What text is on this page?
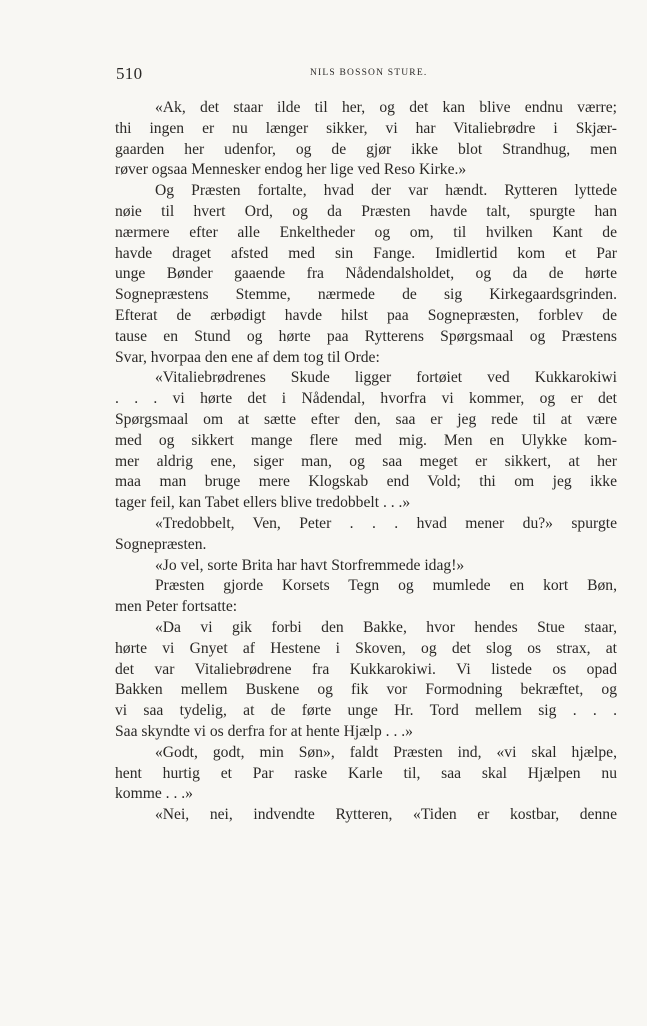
510	NILS BOSSON STURE.
«Ak, det staar ilde til her, og det kan blive endnu værre;
thi ingen er nu længer sikker, vi har Vitaliebrødre i Skjær-
gaarden her udenfor, og de gjør ikke blot Strandhug, men
røver ogsaa Mennesker endog her lige ved Reso Kirke.»
Og Præsten fortalte, hvad der var hændt. Rytteren lyttede
nøie til hvert Ord, og da Præsten havde talt, spurgte han
nærmere efter alle Enkeltheder og om, til hvilken Kant de
havde draget afsted med sin Fange. Imidlertid kom et Par
unge Bønder gaaende fra Nådendalsholdet, og da de hørte
Sognepræstens Stemme, nærmede de sig Kirkegaardsgrinden.
Efterat de ærbødigt havde hilst paa Sognepræsten, forblev de
tause en Stund og hørte paa Rytterens Spørgsmaal og Præstens
Svar, hvorpaa den ene af dem tog til Orde:
«Vitaliebrødrenes Skude ligger fortøiet ved Kukkarokiwi
. . . vi hørte det i Nådendal, hvorfra vi kommer, og er det
Spørgsmaal om at sætte efter den, saa er jeg rede til at være
med og sikkert mange flere med mig. Men en Ulykke kom-
mer aldrig ene, siger man, og saa meget er sikkert, at her
maa man bruge mere Klogskab end Vold; thi om jeg ikke
tager feil, kan Tabet ellers blive tredobbelt . . .»
«Tredobbelt, Ven, Peter . . . hvad mener du?» spurgte
Sognepræsten.
«Jo vel, sorte Brita har havt Storfremmede idag!»
Præsten gjorde Korsets Tegn og mumlede en kort Bøn,
men Peter fortsatte:
«Da vi gik forbi den Bakke, hvor hendes Stue staar,
hørte vi Gnyet af Hestene i Skoven, og det slog os strax, at
det var Vitaliebrødrene fra Kukkarokiwi. Vi listede os opad
Bakken mellem Buskene og fik vor Formodning bekræftet, og
vi saa tydelig, at de førte unge Hr. Tord mellem sig . . .
Saa skyndte vi os derfra for at hente Hjælp . . .»
«Godt, godt, min Søn», faldt Præsten ind, «vi skal hjælpe,
hent hurtig et Par raske Karle til, saa skal Hjælpen nu
komme . . .»
«Nei, nei, indvendte Rytteren, «Tiden er kostbar, denne
